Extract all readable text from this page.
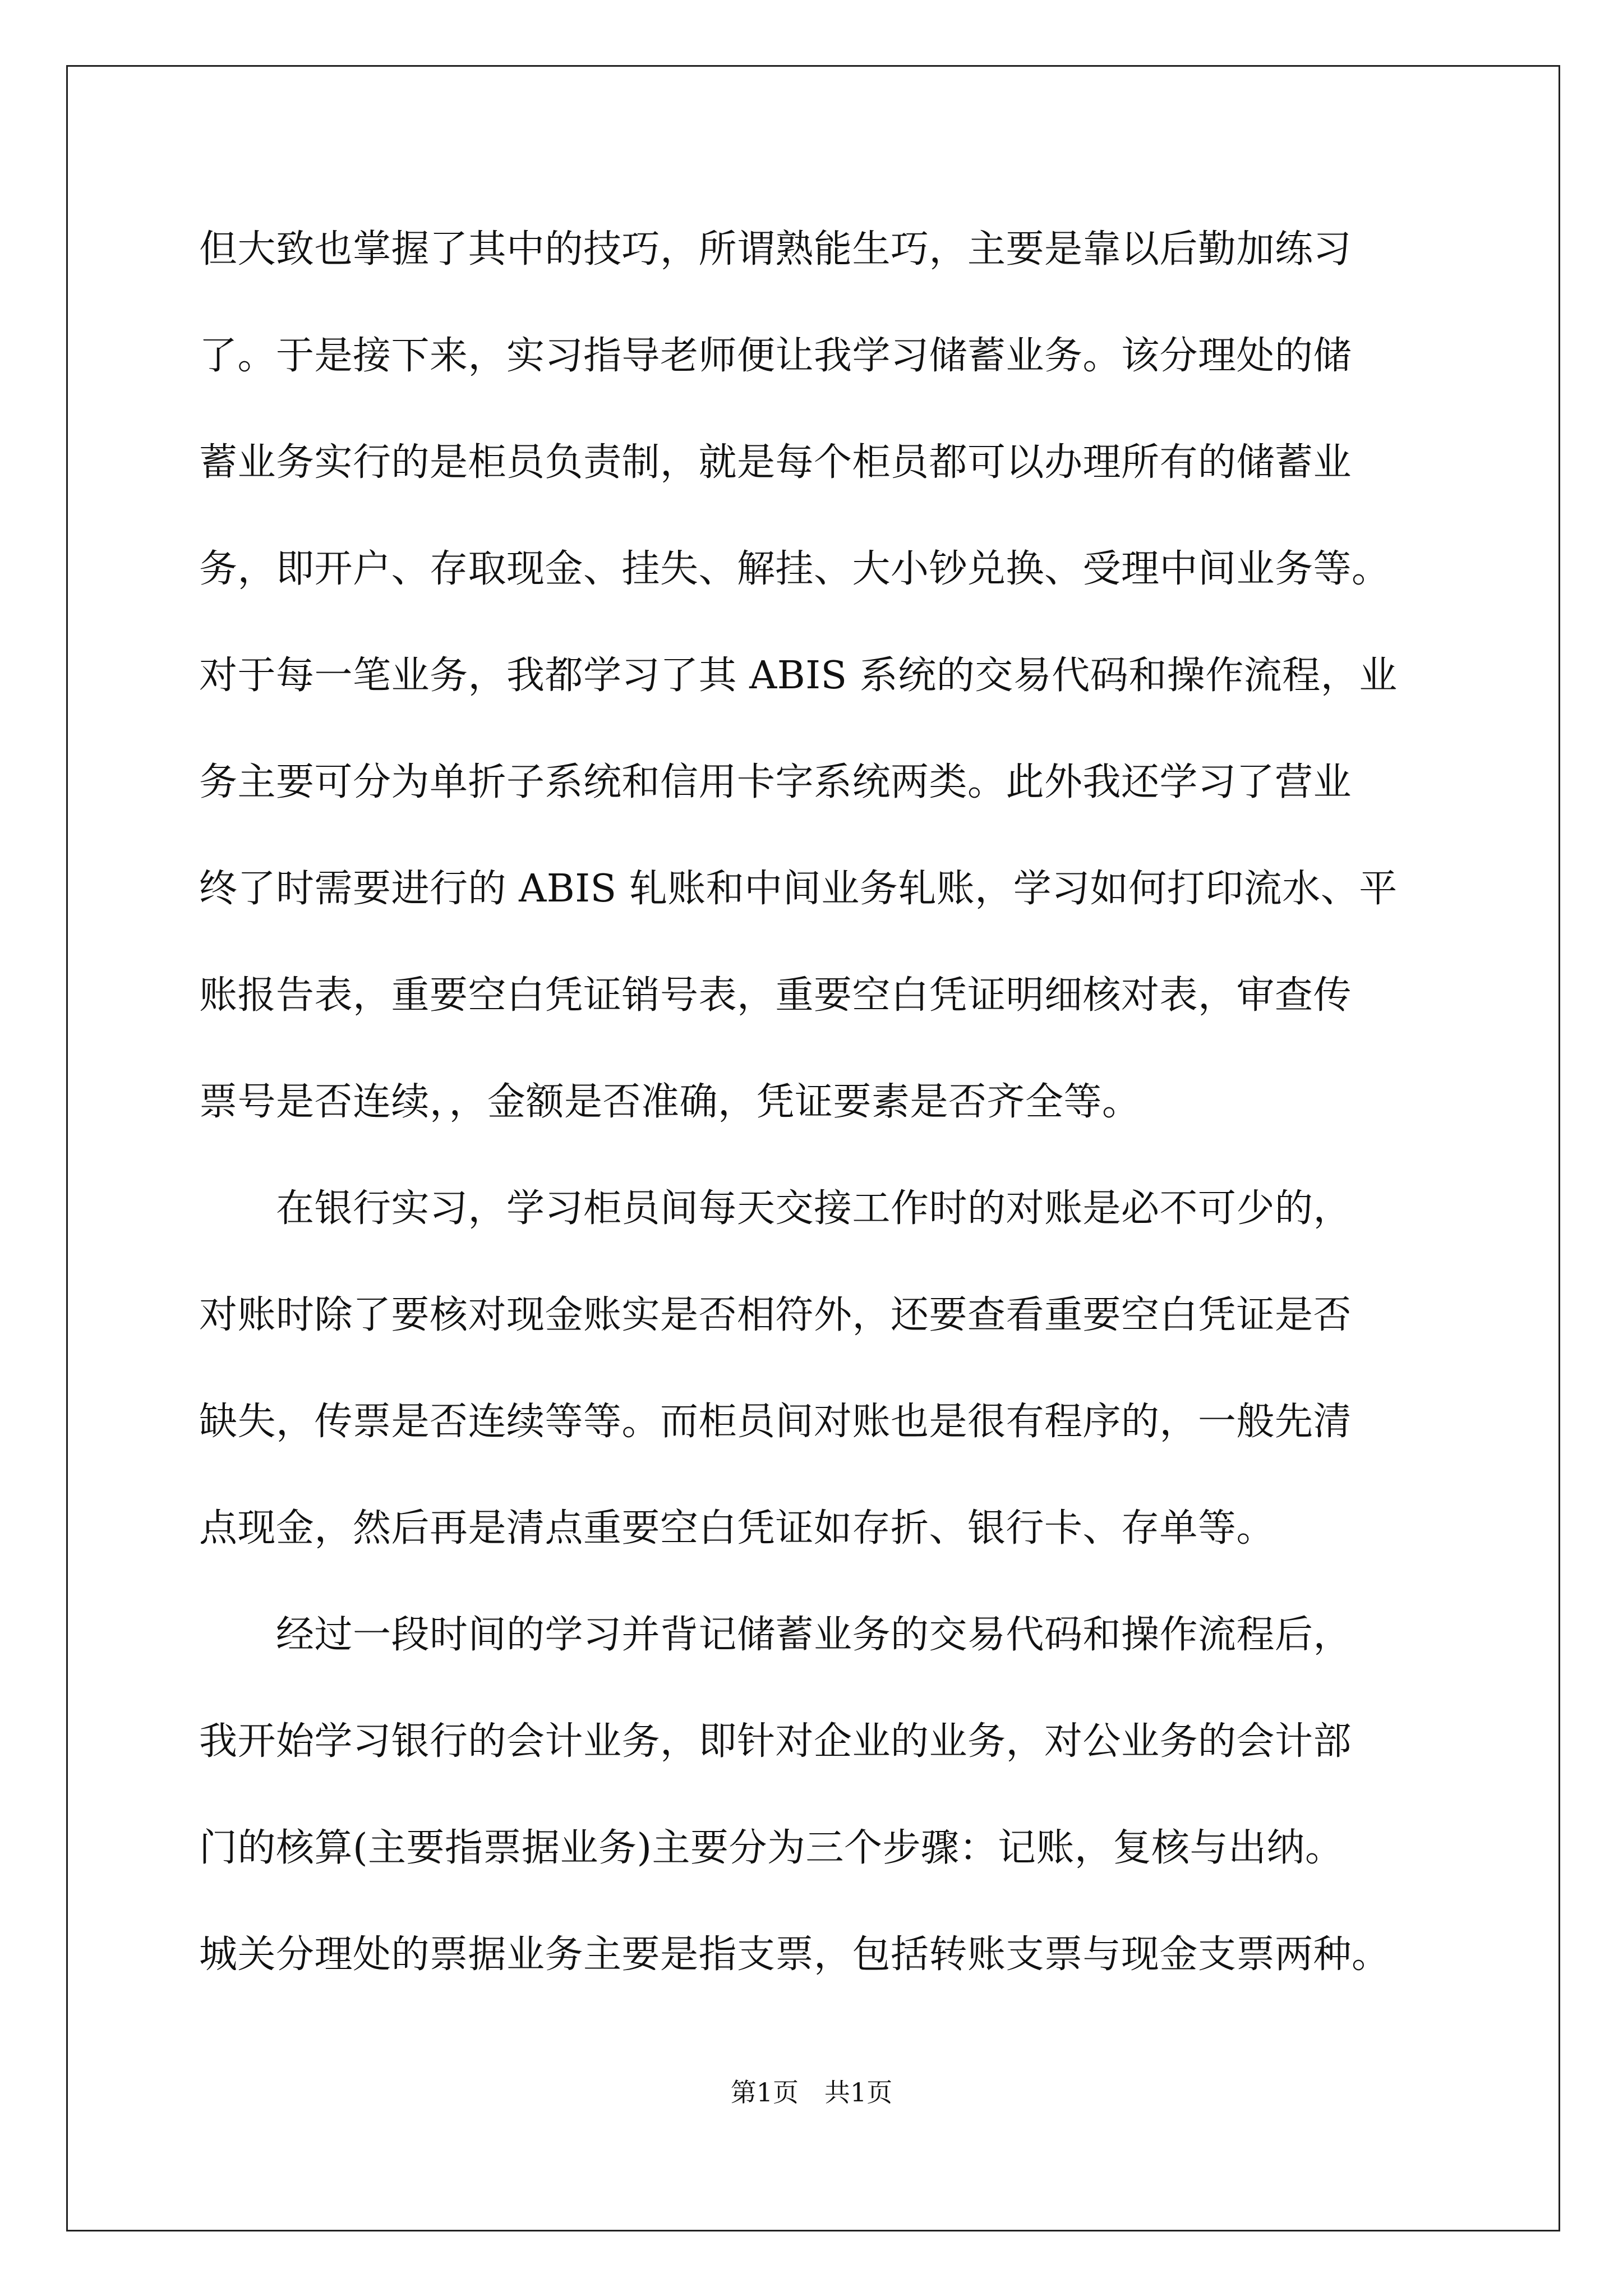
但大致也掌握了其中的技巧，所谓熟能生巧，主要是靠以后勤加练习
了。于是接下来，实习指导老师便让我学习储蓄业务。该分理处的储
蓄业务实行的是柜员负责制，就是每个柜员都可以办理所有的储蓄业
务，即开户、存取现金、挂失、解挂、大小钞兑换、受理中间业务等。
对于每一笔业务，我都学习了其 ABIS 系统的交易代码和操作流程，业
务主要可分为单折子系统和信用卡字系统两类。此外我还学习了营业
终了时需要进行的 ABIS 轧账和中间业务轧账，学习如何打印流水、平
账报告表，重要空白凭证销号表，重要空白凭证明细核对表，审查传
票号是否连续，，金额是否准确，凭证要素是否齐全等。
　　在银行实习，学习柜员间每天交接工作时的对账是必不可少的，
对账时除了要核对现金账实是否相符外，还要查看重要空白凭证是否
缺失，传票是否连续等等。而柜员间对账也是很有程序的，一般先清
点现金，然后再是清点重要空白凭证如存折、银行卡、存单等。
　　经过一段时间的学习并背记储蓄业务的交易代码和操作流程后，
我开始学习银行的会计业务，即针对企业的业务，对公业务的会计部
门的核算(主要指票据业务)主要分为三个步骤：记账，复核与出纳。
城关分理处的票据业务主要是指支票，包括转账支票与现金支票两种。
第1页　共1页
